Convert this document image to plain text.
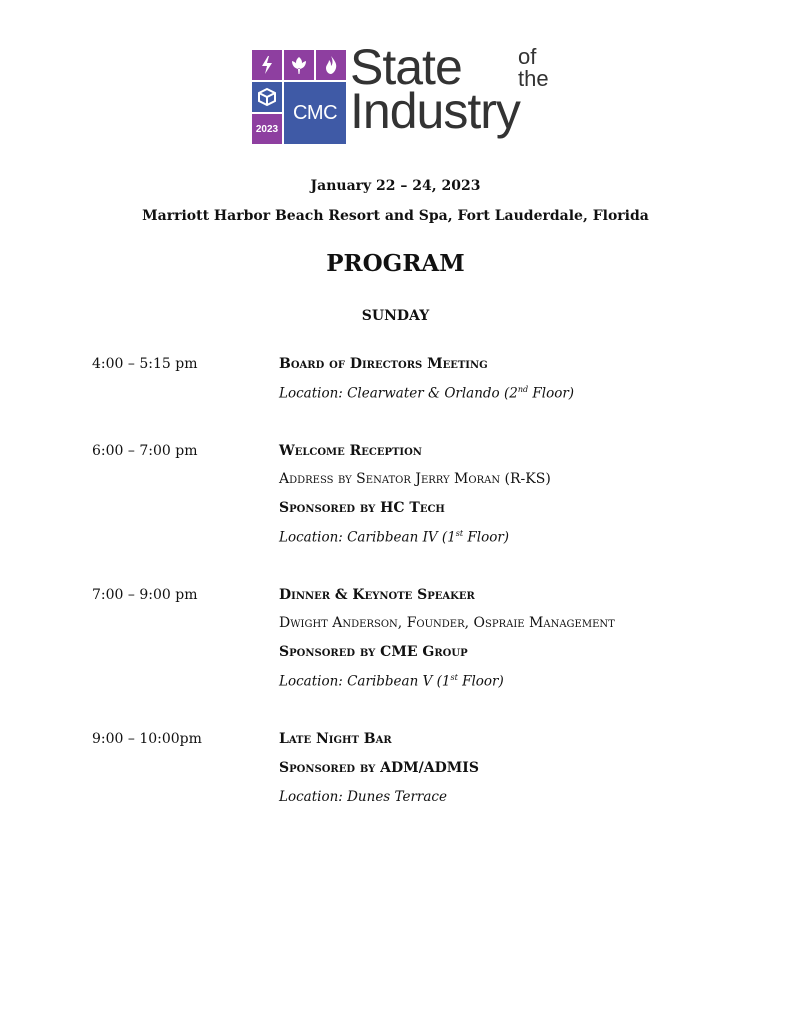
CMC
2023
State	of
the
Industry
January 22 – 24, 2023
Marriott Harbor Beach Resort and Spa, Fort Lauderdale, Florida
PROGRAM
SUNDAY
4:00 – 5:15 pm	Board of Directors Meeting
Location: Clearwater & Orlando (2nd Floor)
6:00 – 7:00 pm	Welcome Reception
Address by Senator Jerry Moran (R-KS)
Sponsored by HC Tech
Location: Caribbean IV (1st Floor)
7:00 – 9:00 pm	Dinner & Keynote Speaker
Dwight Anderson, Founder, Ospraie Management
Sponsored by CME Group
Location: Caribbean V (1st Floor)
9:00 – 10:00pm	Late Night Bar
Sponsored by ADM/ADMIS
Location: Dunes Terrace
